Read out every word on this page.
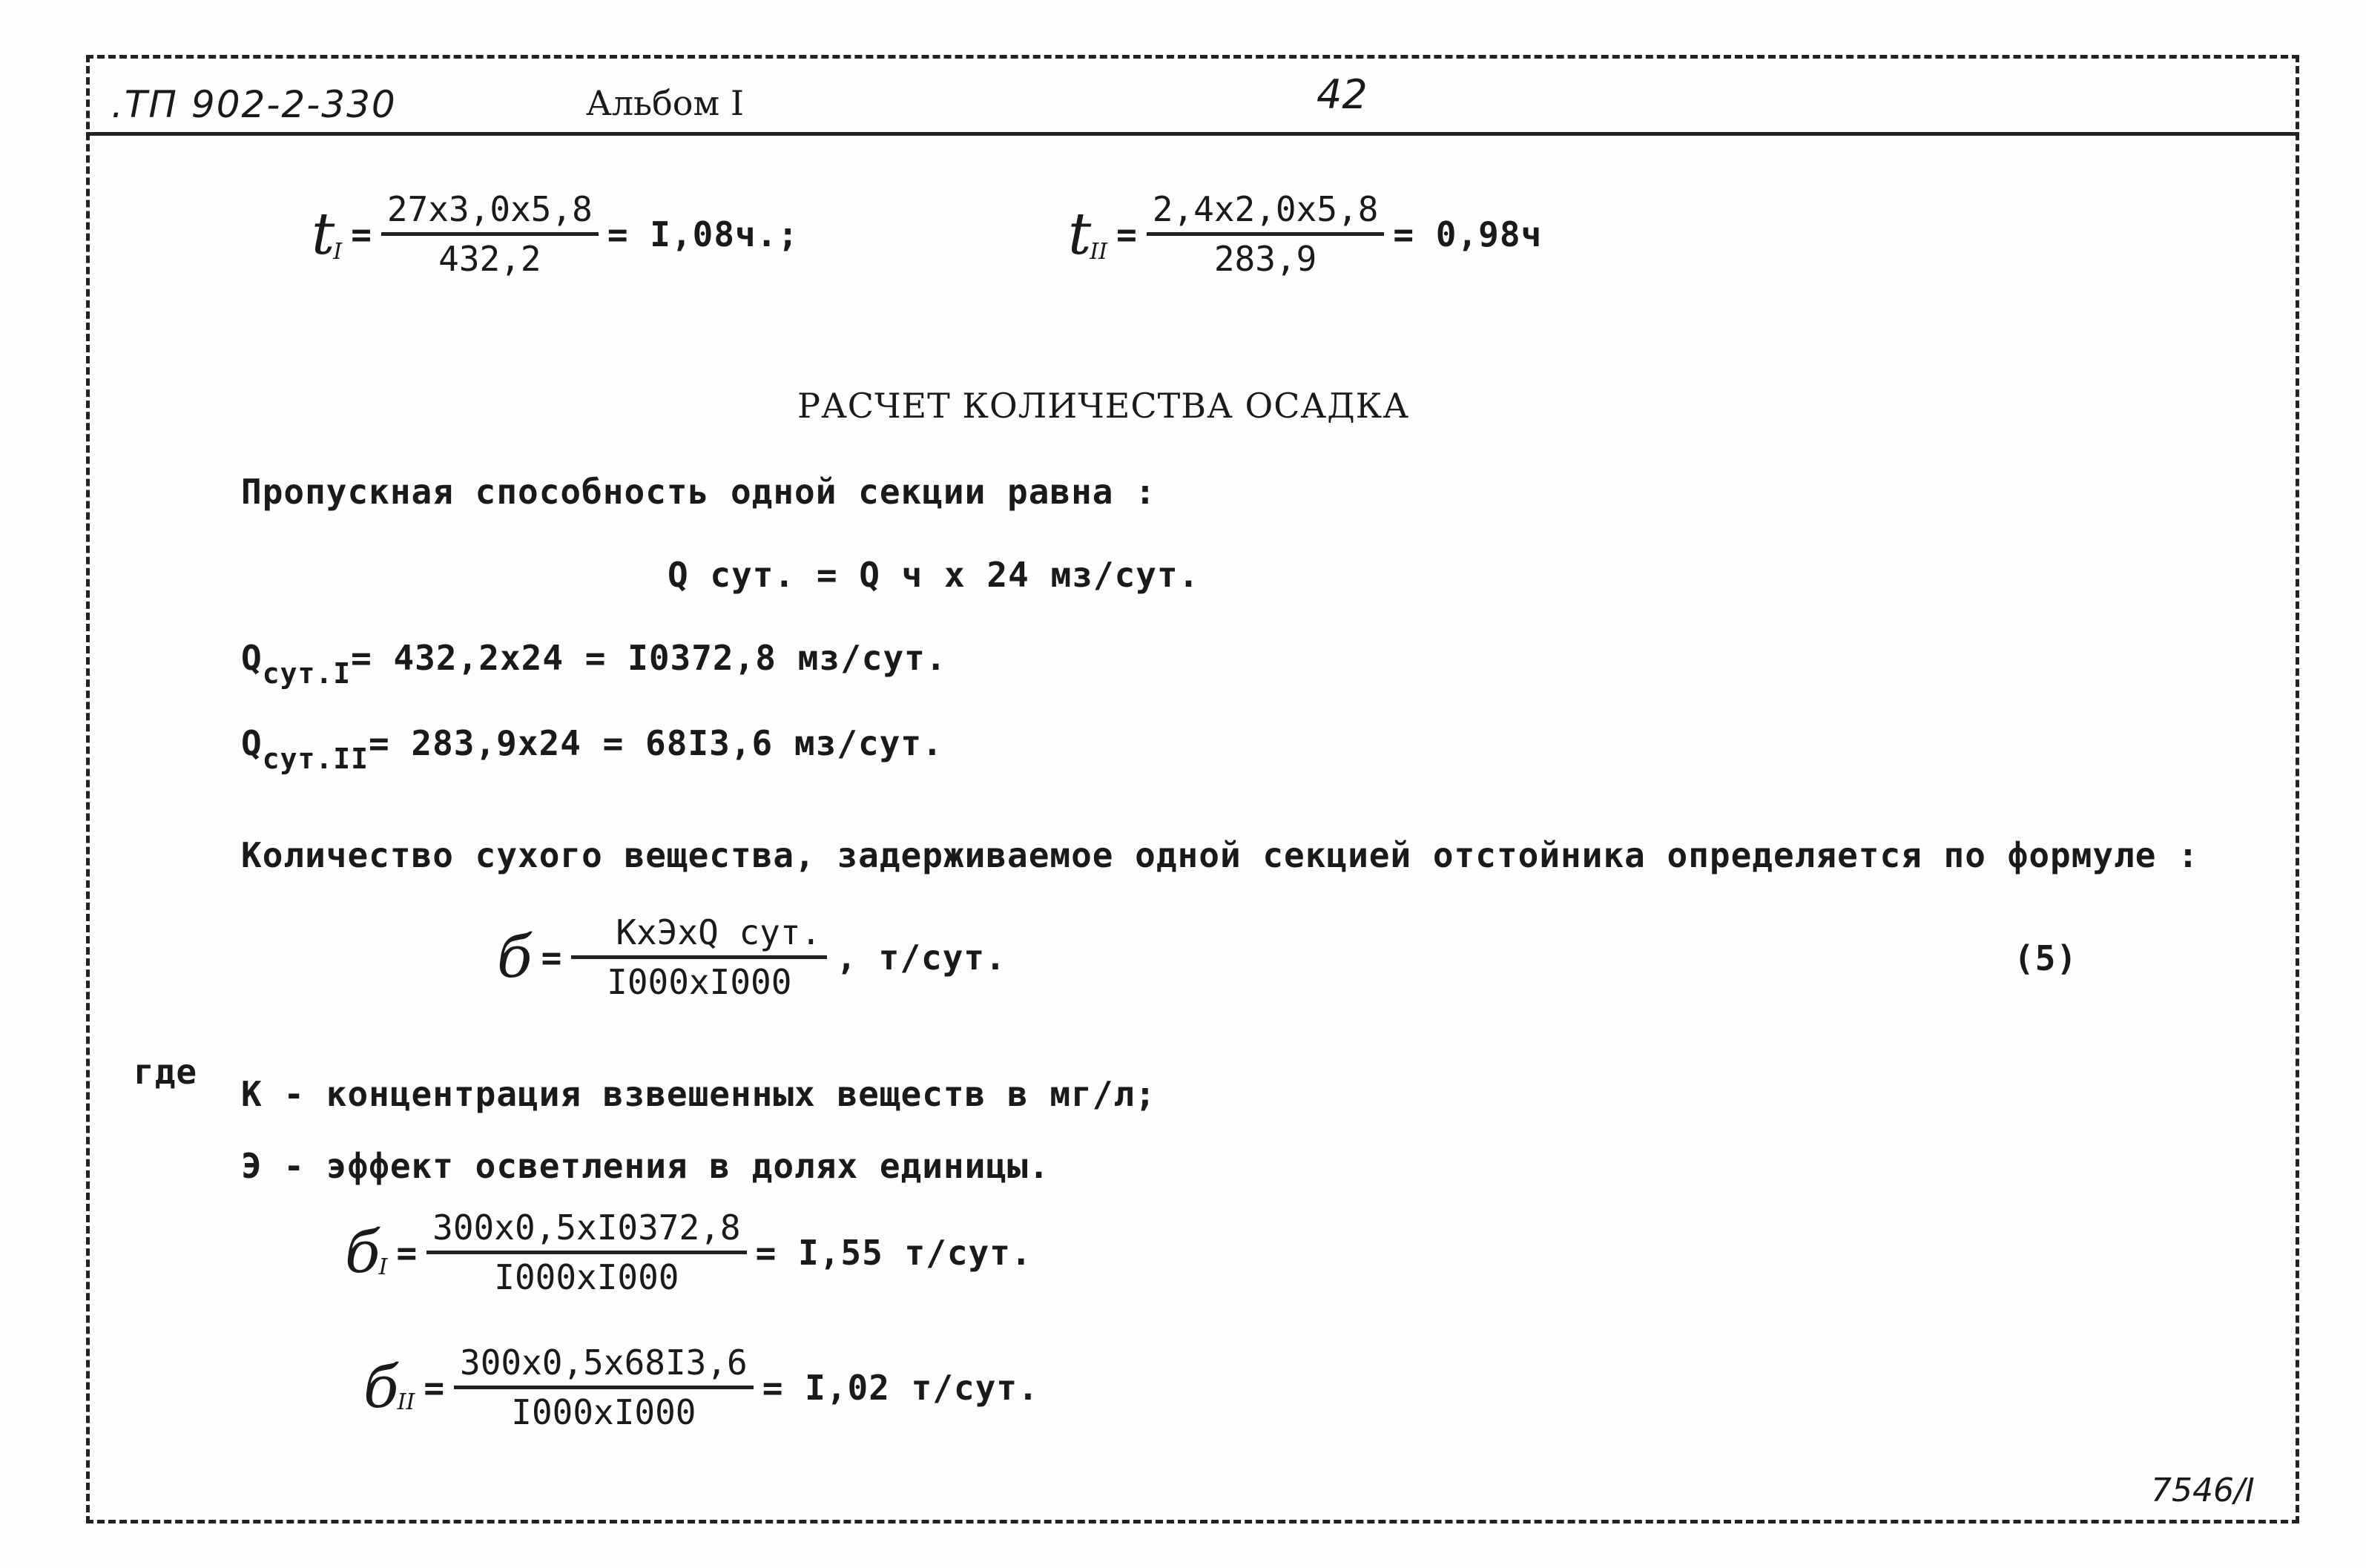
.ТП 902-2-330	Альбом I	42
t
$I = \frac{27x3,0x5,8}{432,2} = I,08ч$.;	t
II = $\frac{2,4x2,0x5,8}{283,9} = 0,98ч$
РАСЧЕТ КОЛИЧЕСТВА ОСАДКА
Пропускная способность одной секции равна :
Q сут. = Q ч х 24 мз/сут.
$Q_{сут.I}= 432,2x24 = I0372,8$ мз/сут.
$Q_{сут.II}= 283,9x24 = 68I3,6$ мз/сут.
Количество сухого вещества, задерживаемое одной секцией отстойника определяется по формуле :
$б = \frac{\text{КхЭхQ сут.}}{I000xI000}$ , т/сут.	(5)
где
К - концентрация взвешенных веществ в мг/л;
Э - эффект осветления в долях единицы.
б
$I = \frac{300x0,5xI0372,8}{I000xI000} = I,55$ т/сут.
б
II = $\frac{300x0,5x68I3,6}{I000xI000} = I,02$ т/сут.
7546/I
